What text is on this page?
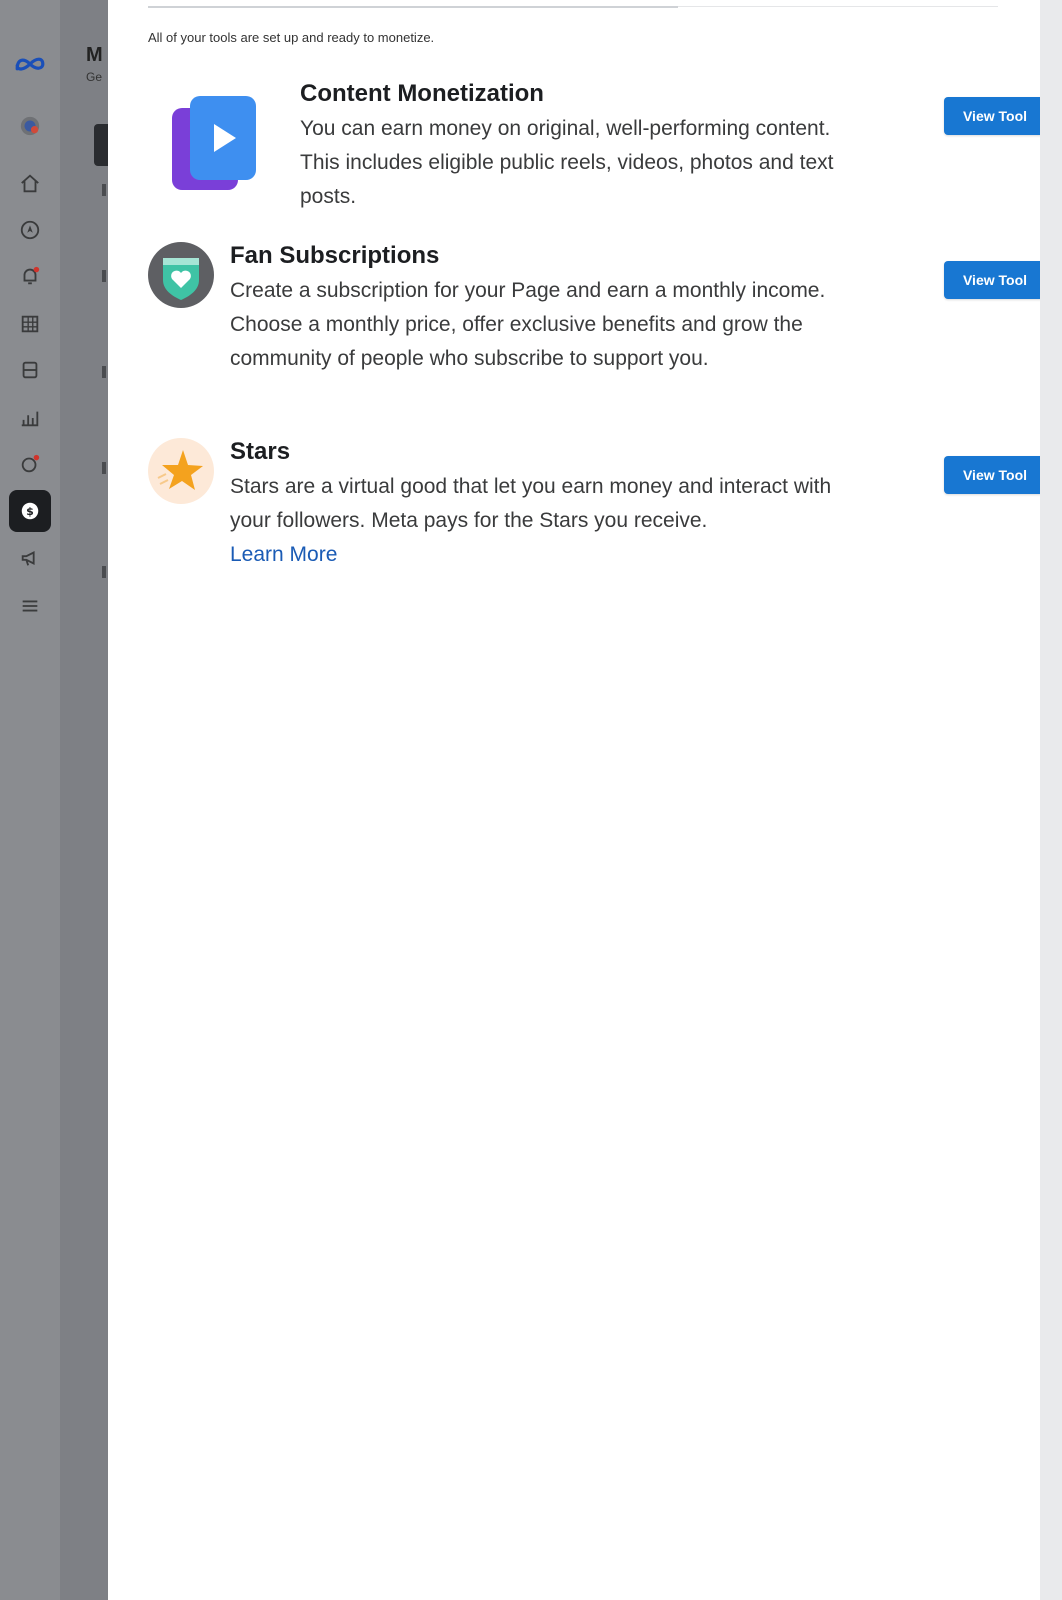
$
M
Ge
All of your tools are set up and ready to monetize.
Content Monetization
You can earn money on original, well-performing content. This includes eligible public reels, videos, photos and text posts.
View Tool
Fan Subscriptions
Create a subscription for your Page and earn a monthly income. Choose a monthly price, offer exclusive benefits and grow the community of people who subscribe to support you.
View Tool
Stars
Stars are a virtual good that let you earn money and interact with your followers. Meta pays for the Stars you receive.
Learn More
View Tool
